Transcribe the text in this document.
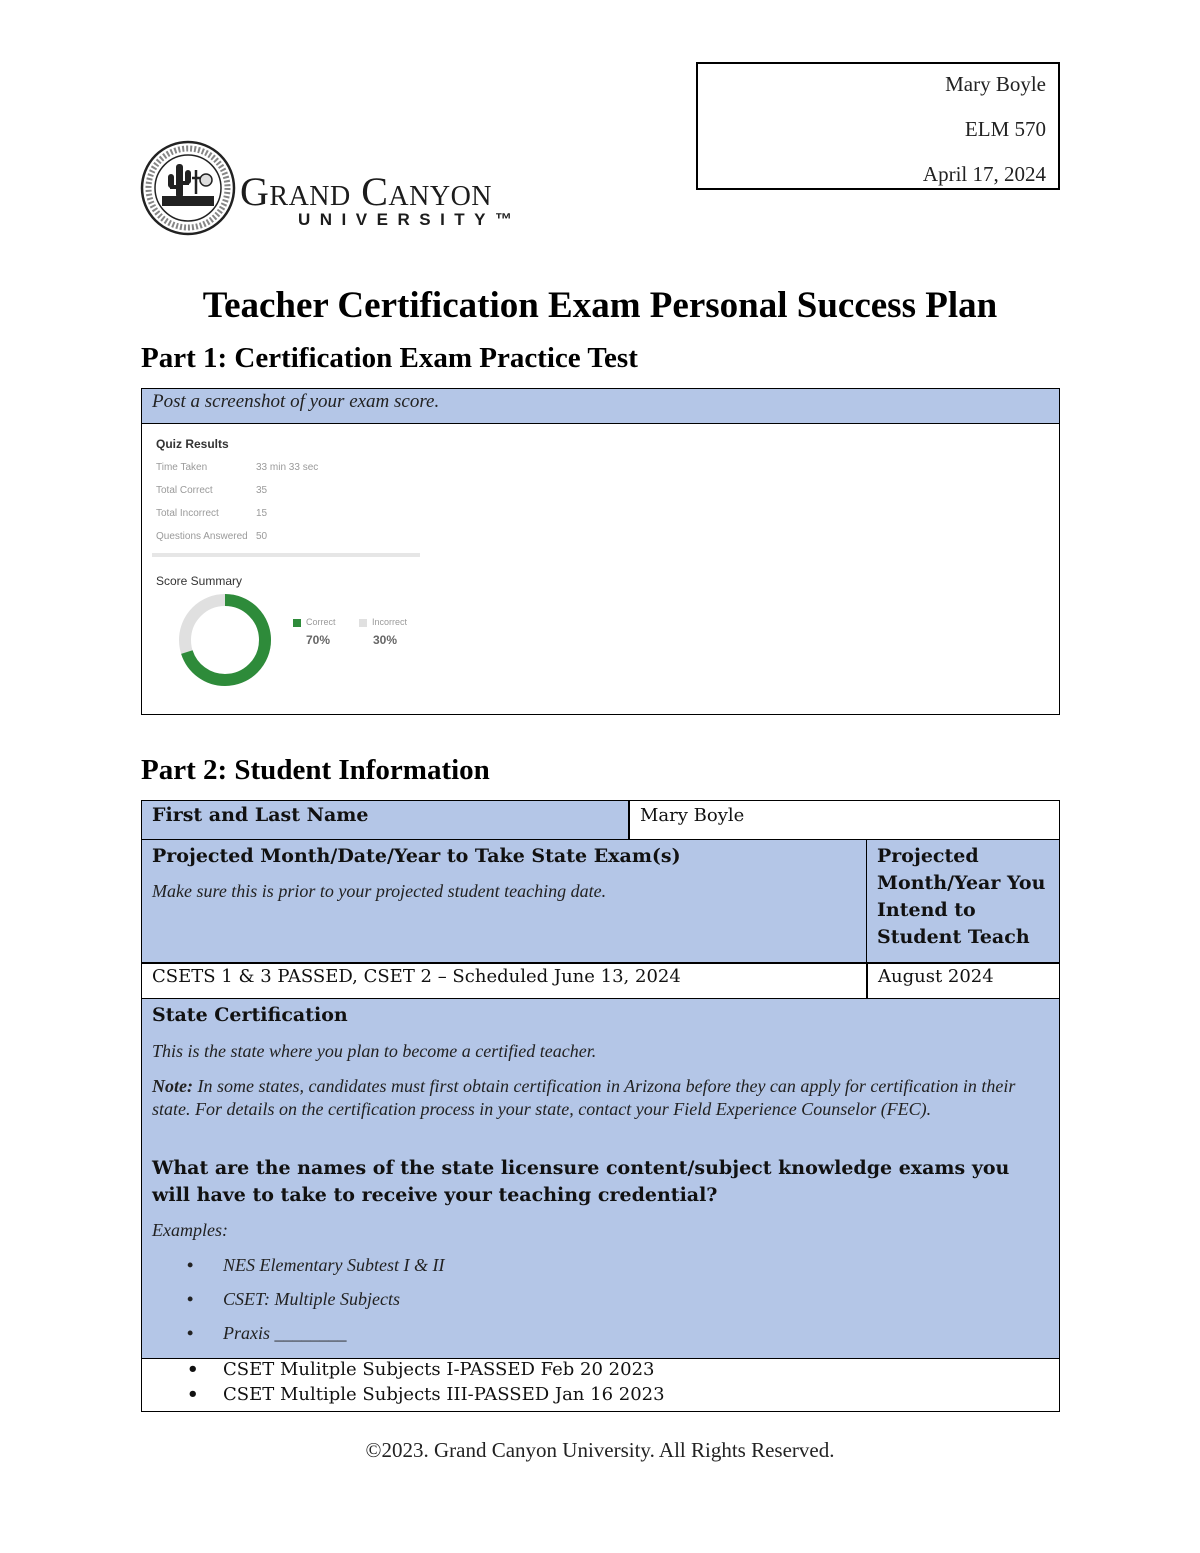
Mary Boyle
ELM 570
April 17, 2024
Grand Canyon
UNIVERSITY™
Teacher Certification Exam Personal Success Plan
Part 1: Certification Exam Practice Test
Post a screenshot of your exam score.
Quiz Results
Time Taken	33 min 33 sec
Total Correct	35
Total Incorrect	15
Questions Answered 50
Score Summary
Correct
70%
Incorrect
30%
Part 2: Student Information
First and Last Name	Mary Boyle
Projected Month/Date/Year to Take State Exam(s)
Make sure this is prior to your projected student teaching date.
Projected Month/Year You Intend to Student Teach
CSETS 1 & 3 PASSED, CSET 2 – Scheduled June 13, 2024	August 2024
State Certification
This is the state where you plan to become a certified teacher.
Note: In some states, candidates must first obtain certification in Arizona before they can apply for certification in their state. For details on the certification process in your state, contact your Field Experience Counselor (FEC).
What are the names of the state licensure content/subject knowledge exams you will have to take to receive your teaching credential?
Examples:
• NES Elementary Subtest I & II
• CSET: Multiple Subjects
• Praxis ________
• CSET Mulitple Subjects I-PASSED Feb 20 2023
• CSET Multiple Subjects III-PASSED Jan 16 2023
©2023. Grand Canyon University. All Rights Reserved.
